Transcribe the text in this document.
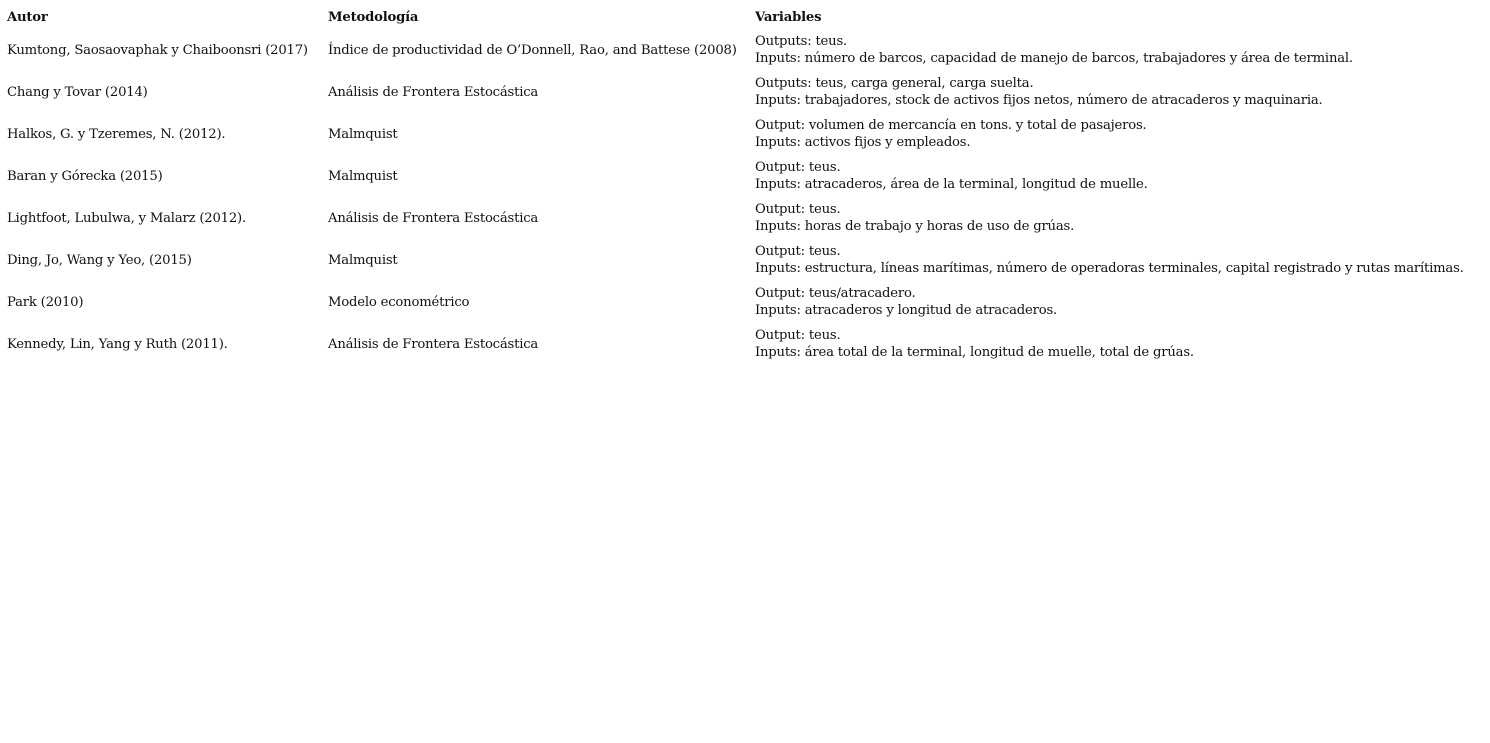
Autor	Metodología	Variables
Kumtong, Saosaovaphak y Chaiboonsri (2017)	Índice de productividad de O’Donnell, Rao, and Battese (2008)	Outputs: teus.
Inputs: número de barcos, capacidad de manejo de barcos, trabajadores y área de terminal.

Chang y Tovar (2014)	Análisis de Frontera Estocástica	Outputs: teus, carga general, carga suelta.
Inputs: trabajadores, stock de activos fijos netos, número de atracaderos y maquinaria.

Halkos, G. y Tzeremes, N. (2012).	Malmquist	Output: volumen de mercancía en tons. y total de pasajeros.
Inputs: activos fijos y empleados.

Baran y Górecka (2015)	Malmquist	Output: teus.
Inputs: atracaderos, área de la terminal, longitud de muelle.

Lightfoot, Lubulwa, y Malarz (2012).	Análisis de Frontera Estocástica	Output: teus.
Inputs: horas de trabajo y horas de uso de grúas.

Ding, Jo, Wang y Yeo, (2015)	Malmquist	Output: teus.
Inputs: estructura, líneas marítimas, número de operadoras terminales, capital registrado y rutas marítimas.

Park (2010)	Modelo econométrico	Output: teus/atracadero.
Inputs: atracaderos y longitud de atracaderos.

Kennedy, Lin, Yang y Ruth (2011).	Análisis de Frontera Estocástica	Output: teus.
Inputs: área total de la terminal, longitud de muelle, total de grúas.
